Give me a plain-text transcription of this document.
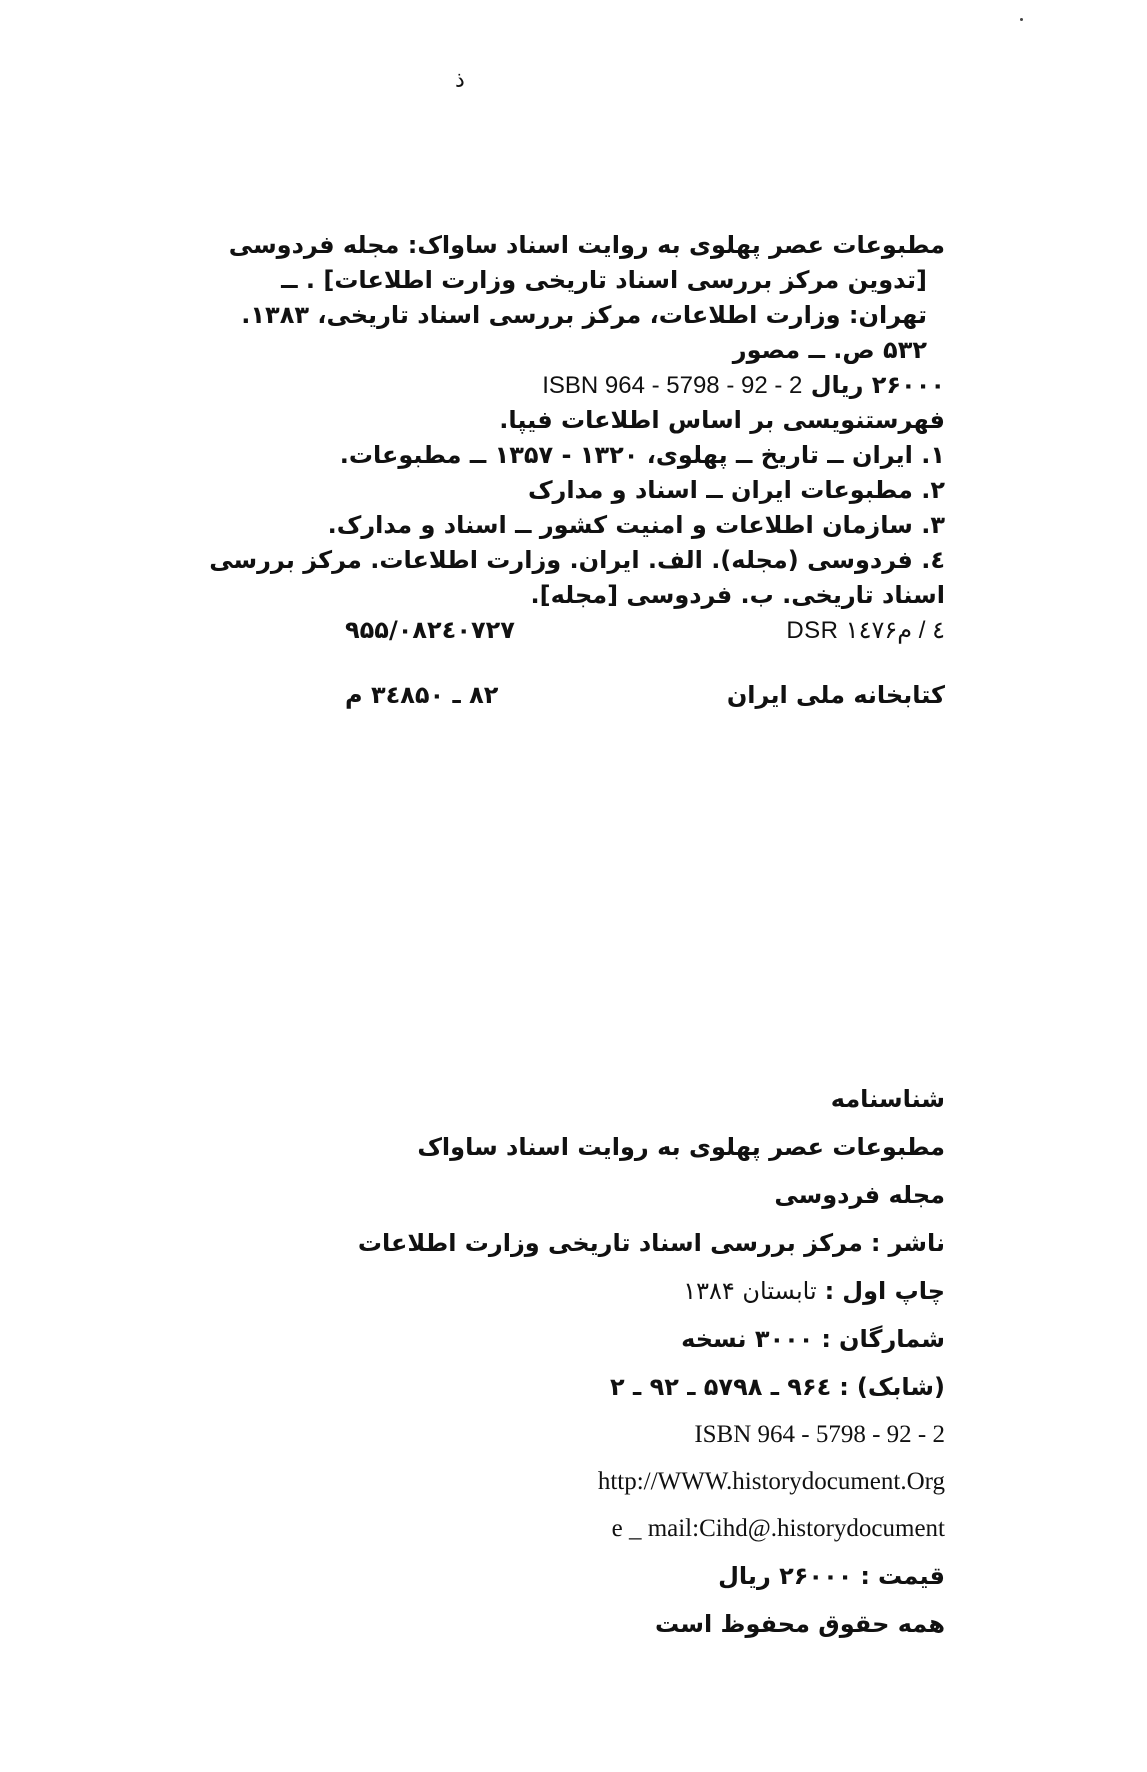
ذ
مطبوعات عصر پهلوی به روایت اسناد ساواک: مجله فردوسی
[تدوین مرکز بررسی اسناد تاریخی وزارت اطلاعات] . ــ
تهران: وزارت اطلاعات، مرکز بررسی اسناد تاریخی، ۱۳۸۳.
۵۳۲ ص. ــ مصور
۲۶۰۰۰ ریال ISBN 964 - 5798 - 92 - 2
فهرستنویسی بر اساس اطلاعات فیپا.
۱. ایران ــ تاریخ ــ پهلوی، ۱۳۲۰ - ۱۳۵۷ ــ مطبوعات.
۲. مطبوعات ایران ــ اسناد و مدارک
۳. سازمان اطلاعات و امنیت کشور ــ اسناد و مدارک.
٤. فردوسی (مجله). الف. ایران. وزارت اطلاعات. مرکز بررسی
اسناد تاریخی. ب. فردوسی [مجله].
۹۵۵/۰۸۲٤۰۷۲۷	DSR ۱٤۷٤ / م۶
۸۲ ـ ۳٤۸۵۰ م	کتابخانه ملی ایران
شناسنامه
مطبوعات عصر پهلوی به روایت اسناد ساواک
مجله فردوسی
ناشر:مرکز بررسی اسناد تاریخی وزارت اطلاعات
چاپ اول:تابستان ۱۳۸۴
شمارگان:۳۰۰۰ نسخه
(شابک):۹۶٤ ـ ۵۷۹۸ ـ ۹۲ ـ ۲
ISBN 964 - 5798 - 92 - 2
http://WWW.historydocument.Org
e _ mail:Cihd@.historydocument
قیمت:۲۶۰۰۰ ریال
همه حقوق محفوظ است
